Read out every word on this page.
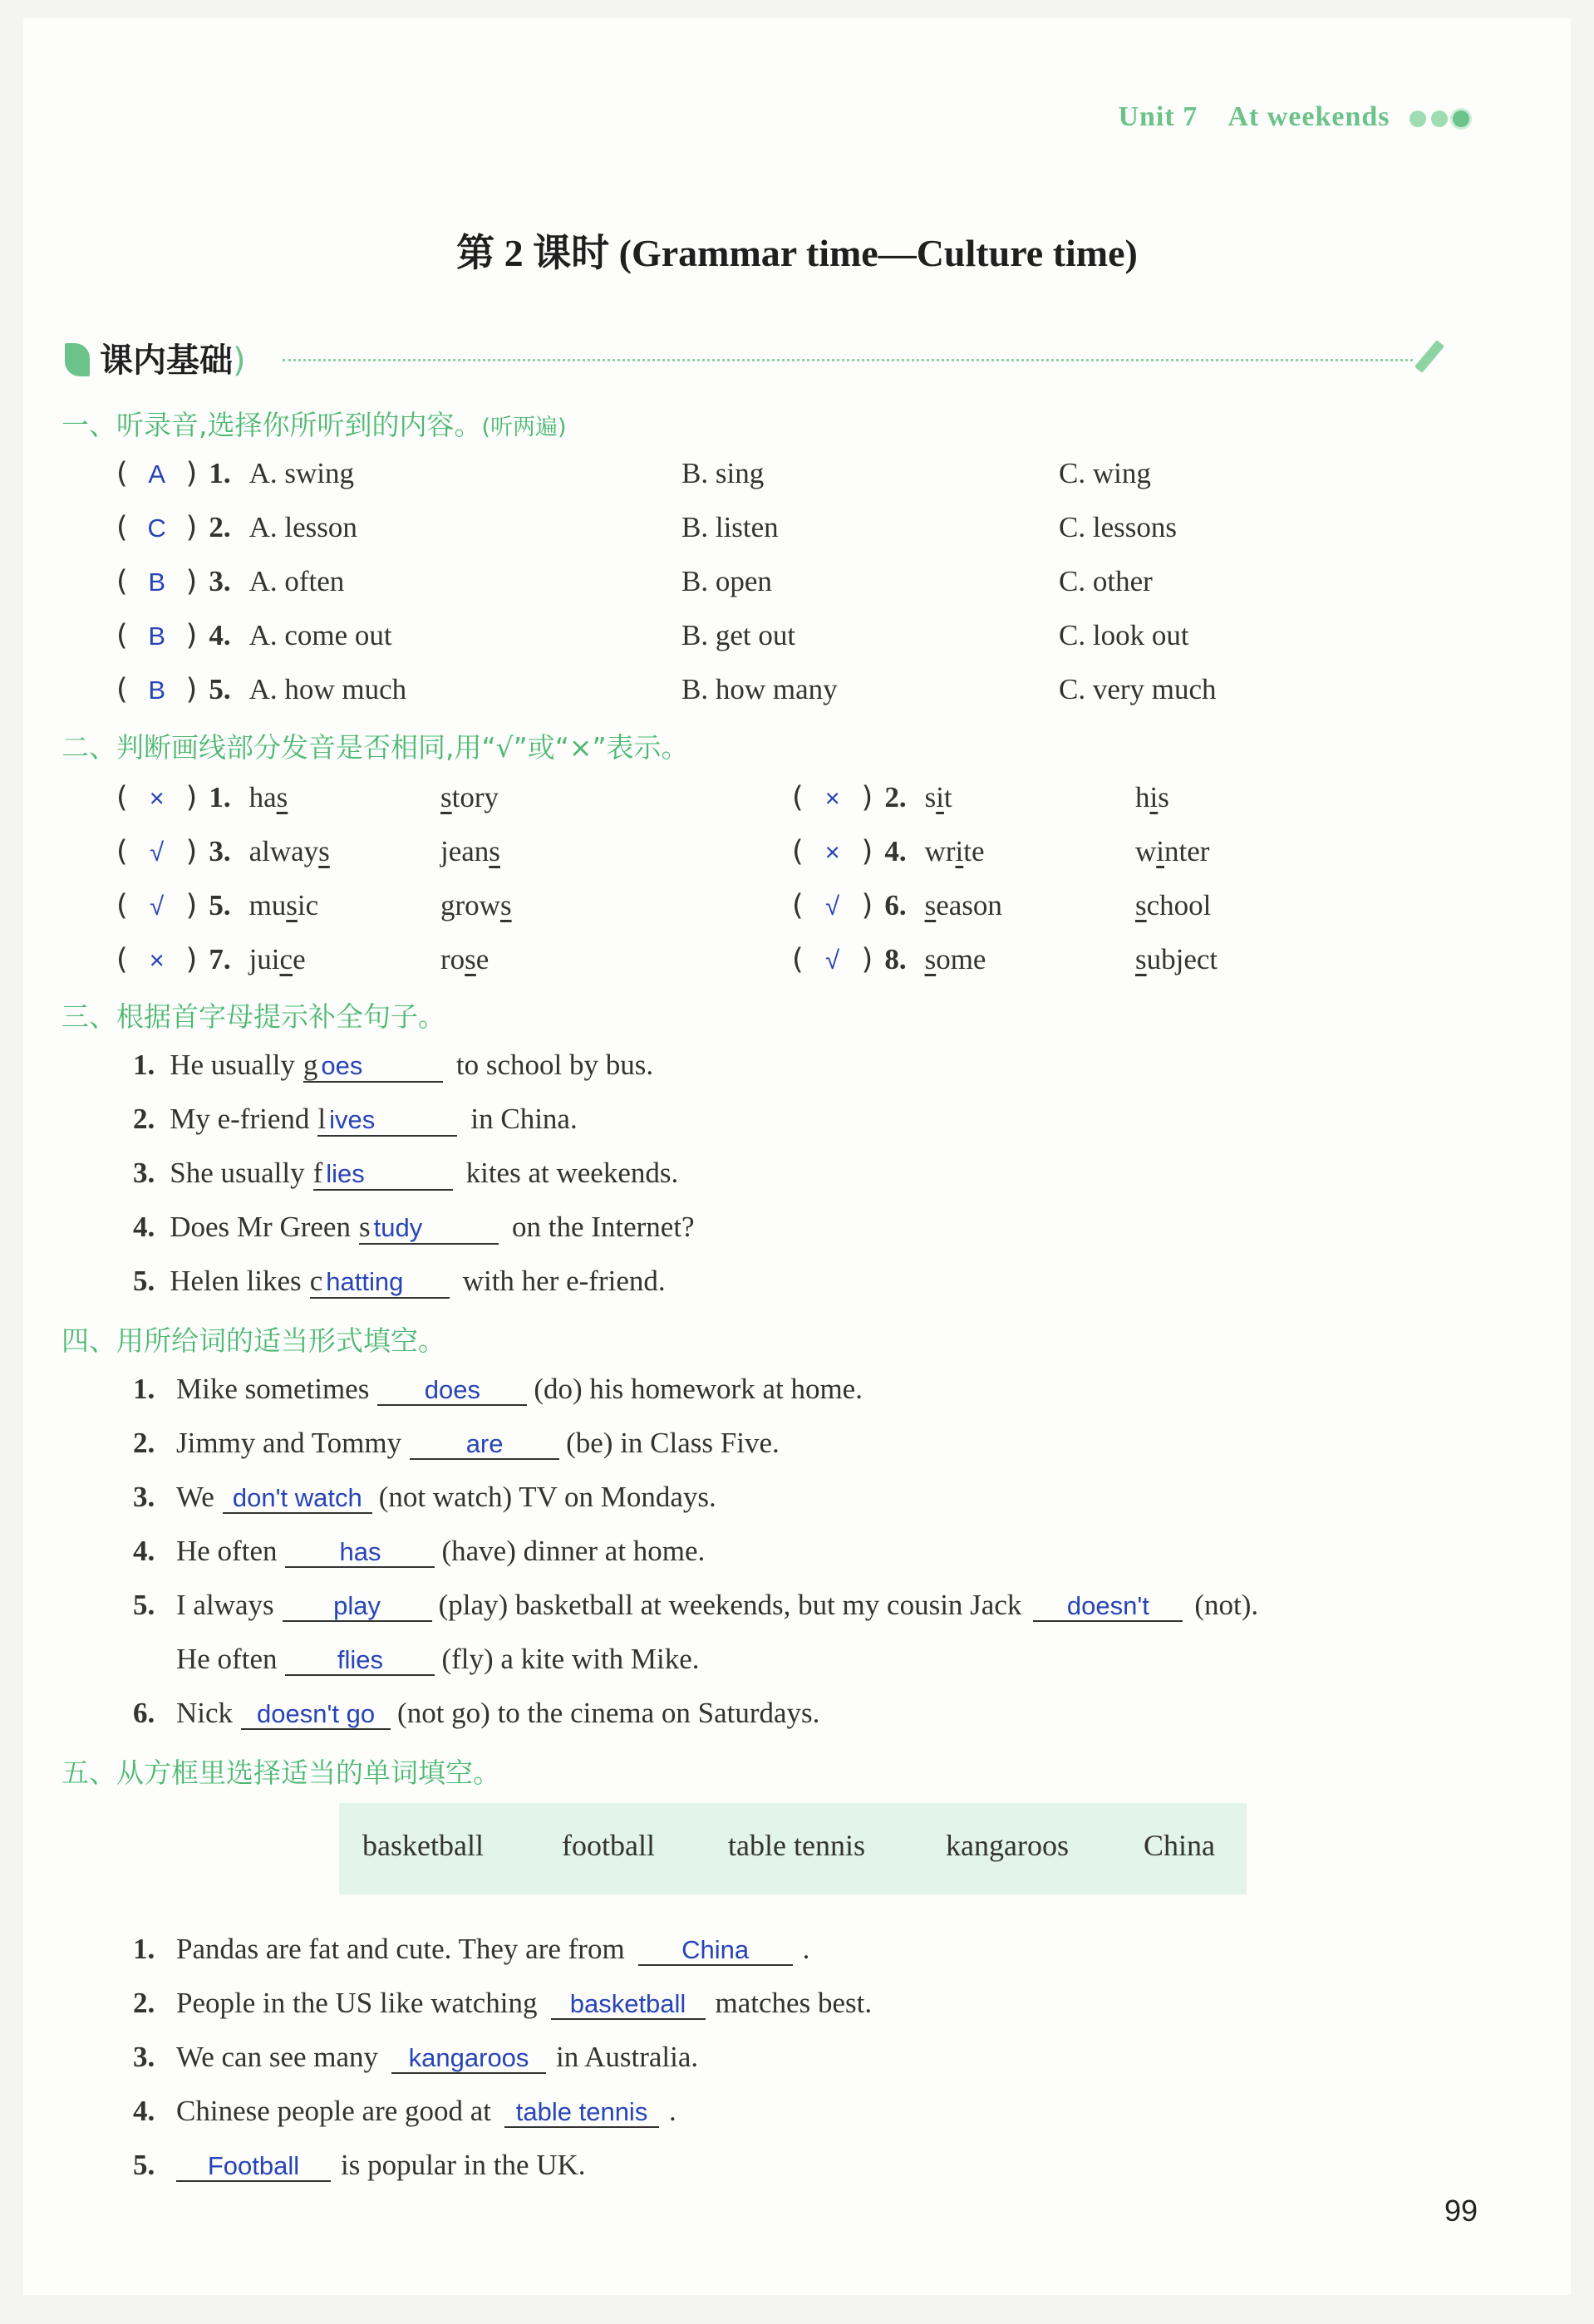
Unit 7 At weekends
第 2 课时 (Grammar time—Culture time)
课内基础)
一、听录音,选择你所听到的内容。(听两遍)
( A ) 1. A. swing	B. sing	C. wing
( C ) 2. A. lesson	B. listen	C. lessons
( B ) 3. A. often	B. open	C. other
( B ) 4. A. come out	B. get out	C. look out
( B ) 5. A. how much	B. how many	C. very much
二、判断画线部分发音是否相同,用“√”或“×”表示。
( × ) 1. has	story	( × ) 2. sit	his
( √ ) 3. always	jeans	( × ) 4. write	winter
( √ ) 5. music	grows	( √ ) 6. season	school
( × ) 7. juice	rose	( √ ) 8. some	subject
三、根据首字母提示补全句子。
1. He usually g oes	to school by bus.
2. My e-friend l ives	in China.
3. She usually f lies	kites at weekends.
4. Does Mr Green s tudy	on the Internet?
5. Helen likes c hatting with her e-friend.
四、用所给词的适当形式填空。
1. Mike sometimes does (do) his homework at home.
2. Jimmy and Tommy	are (be) in Class Five.
3. We don't watch (not watch) TV on Mondays.
4. He often has (have) dinner at home.
5. I always play (play) basketball at weekends, but my cousin Jack doesn't (not).
He often flies (fly) a kite with Mike.
6. Nick doesn't go (not go) to the cinema on Saturdays.
五、从方框里选择适当的单词填空。
basketball	football table tennis	kangaroos	China
1. Pandas are fat and cute. They are from China .
2. People in the US like watching basketball matches best.
3. We can see many kangaroos in Australia.
4. Chinese people are good at table tennis .
5. Football is popular in the UK.
99
